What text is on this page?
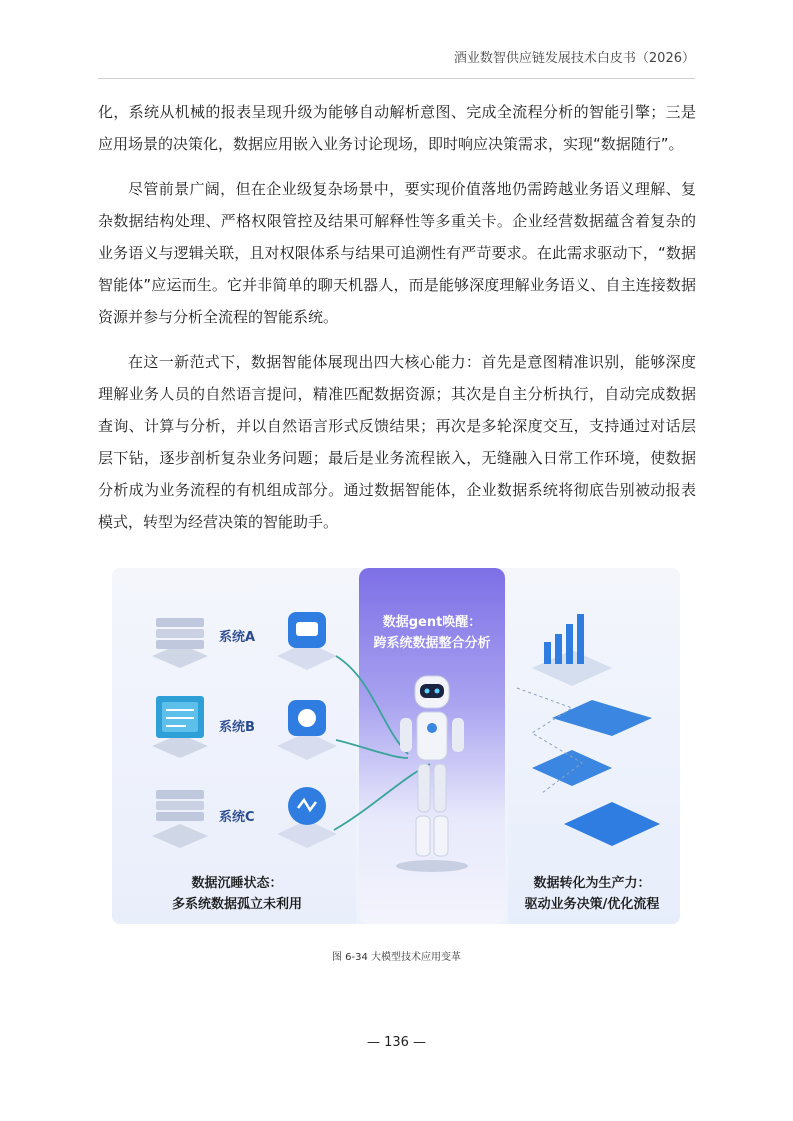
酒业数智供应链发展技术白皮书（2026）

化，系统从机械的报表呈现升级为能够自动解析意图、完成全流程分析的智能引擎；三是应用场景的决策化，数据应用嵌入业务讨论现场，即时响应决策需求，实现“数据随行”。

尽管前景广阔，但在企业级复杂场景中，要实现价值落地仍需跨越业务语义理解、复杂数据结构处理、严格权限管控及结果可解释性等多重关卡。企业经营数据蕴含着复杂的业务语义与逻辑关联，且对权限体系与结果可追溯性有严苛要求。在此需求驱动下，“数据智能体”应运而生。它并非简单的聊天机器人，而是能够深度理解业务语义、自主连接数据资源并参与分析全流程的智能系统。

在这一新范式下，数据智能体展现出四大核心能力：首先是意图精准识别，能够深度理解业务人员的自然语言提问，精准匹配数据资源；其次是自主分析执行，自动完成数据查询、计算与分析，并以自然语言形式反馈结果；再次是多轮深度交互，支持通过对话层层下钻，逐步剖析复杂业务问题；最后是业务流程嵌入，无缝融入日常工作环境，使数据分析成为业务流程的有机组成部分。通过数据智能体，企业数据系统将彻底告别被动报表模式，转型为经营决策的智能助手。

数据gent唤醒：
跨系统数据整合分析
系统A
系统B
系统C
数据沉睡状态：
多系统数据孤立未利用
数据转化为生产力：
驱动业务决策/优化流程
图 6-34 大模型技术应用变革
— 136 —
